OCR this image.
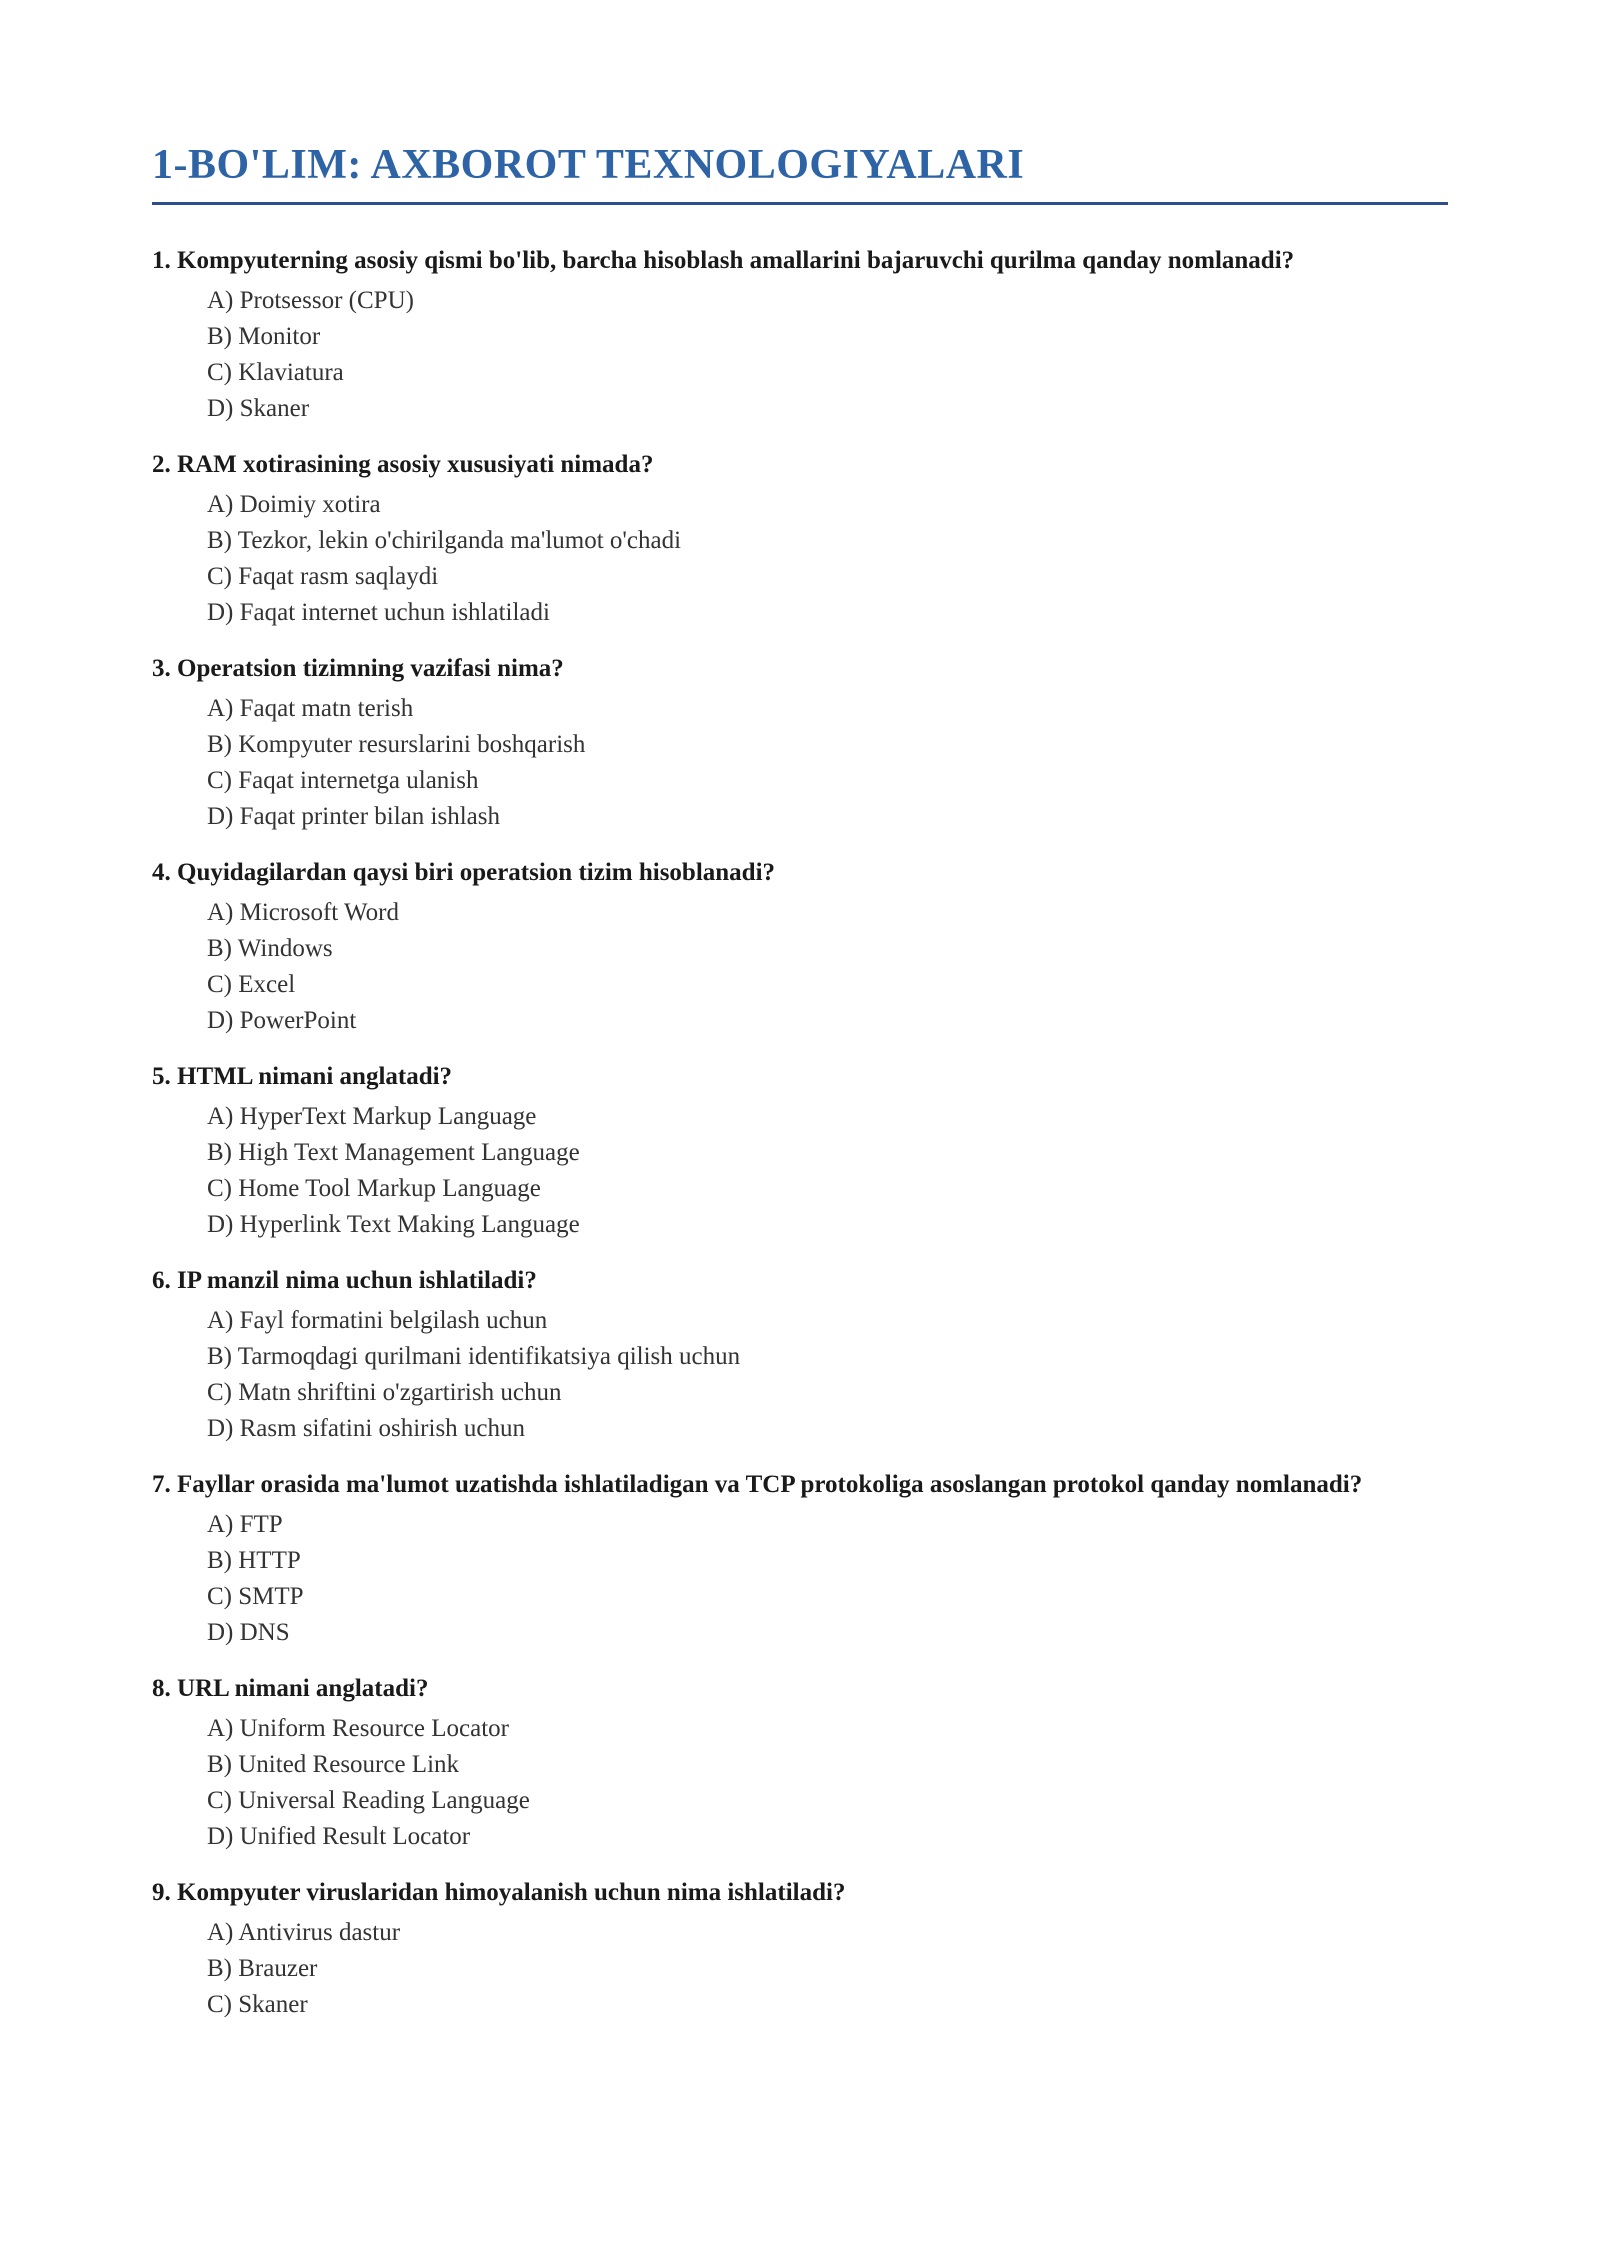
1-BO'LIM: AXBOROT TEXNOLOGIYALARI

1. Kompyuterning asosiy qismi bo'lib, barcha hisoblash amallarini bajaruvchi qurilma qanday nomlanadi?

A) Protsessor (CPU)
B) Monitor
C) Klaviatura
D) Skaner

2. RAM xotirasining asosiy xususiyati nimada?

A) Doimiy xotira
B) Tezkor, lekin o'chirilganda ma'lumot o'chadi
C) Faqat rasm saqlaydi
D) Faqat internet uchun ishlatiladi

3. Operatsion tizimning vazifasi nima?

A) Faqat matn terish
B) Kompyuter resurslarini boshqarish
C) Faqat internetga ulanish
D) Faqat printer bilan ishlash

4. Quyidagilardan qaysi biri operatsion tizim hisoblanadi?

A) Microsoft Word
B) Windows
C) Excel
D) PowerPoint

5. HTML nimani anglatadi?

A) HyperText Markup Language
B) High Text Management Language
C) Home Tool Markup Language
D) Hyperlink Text Making Language

6. IP manzil nima uchun ishlatiladi?

A) Fayl formatini belgilash uchun
B) Tarmoqdagi qurilmani identifikatsiya qilish uchun
C) Matn shriftini o'zgartirish uchun
D) Rasm sifatini oshirish uchun

7. Fayllar orasida ma'lumot uzatishda ishlatiladigan va TCP protokoliga asoslangan protokol qanday nomlanadi?

A) FTP
B) HTTP
C) SMTP
D) DNS

8. URL nimani anglatadi?

A) Uniform Resource Locator
B) United Resource Link
C) Universal Reading Language
D) Unified Result Locator

9. Kompyuter viruslaridan himoyalanish uchun nima ishlatiladi?

A) Antivirus dastur
B) Brauzer
C) Skaner
